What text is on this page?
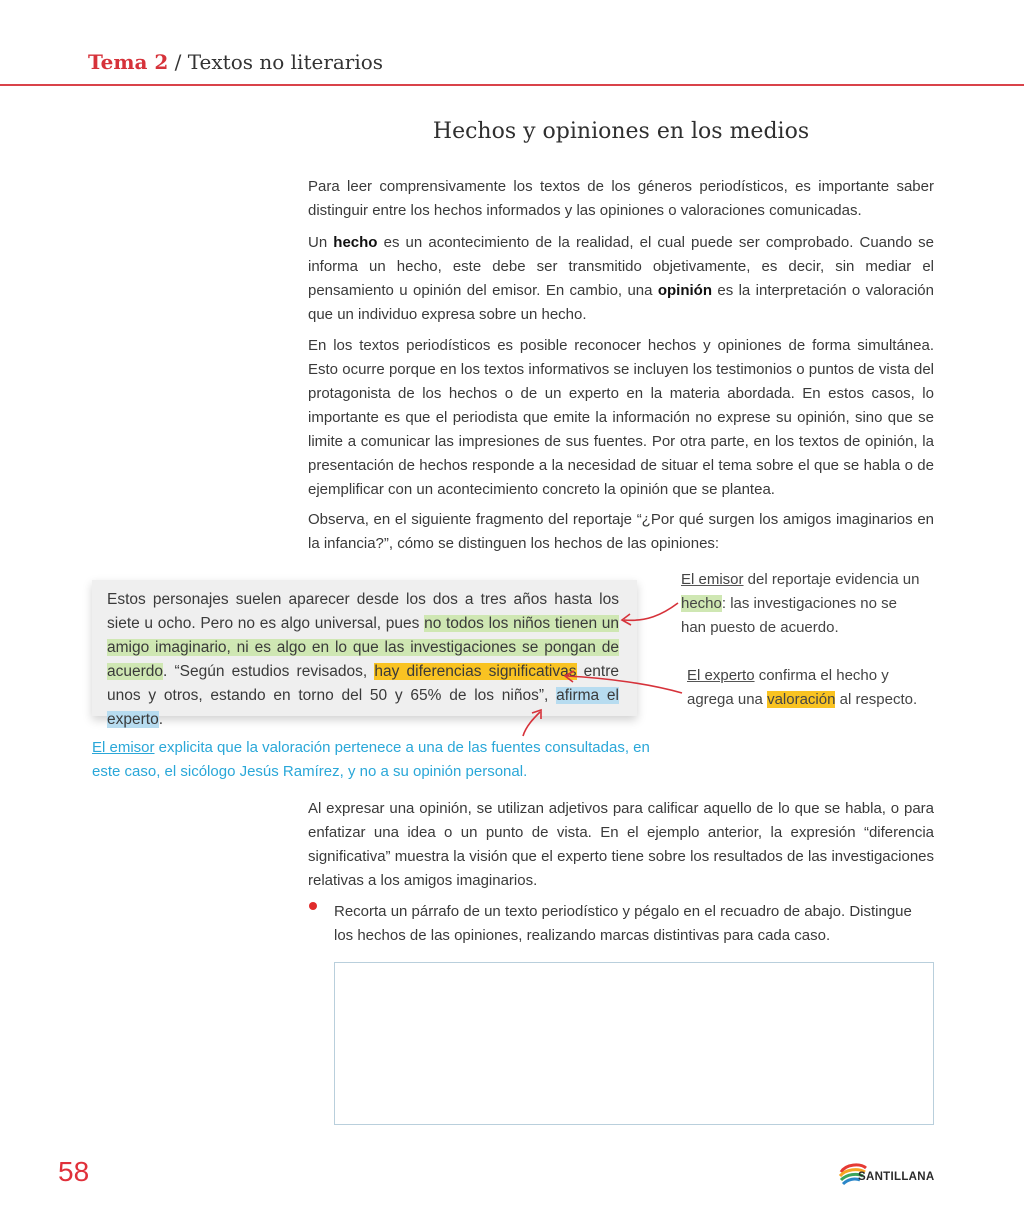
Tema 2 / Textos no literarios
Hechos y opiniones en los medios
Para leer comprensivamente los textos de los géneros periodísticos, es importante saber distinguir entre los hechos informados y las opiniones o valoraciones comunicadas.
Un hecho es un acontecimiento de la realidad, el cual puede ser comprobado. Cuando se informa un hecho, este debe ser transmitido objetivamente, es decir, sin mediar el pensamiento u opinión del emisor. En cambio, una opinión es la interpretación o valoración que un individuo expresa sobre un hecho.
En los textos periodísticos es posible reconocer hechos y opiniones de forma simultánea. Esto ocurre porque en los textos informativos se incluyen los testimonios o puntos de vista del protagonista de los hechos o de un experto en la materia abordada. En estos casos, lo importante es que el periodista que emite la información no exprese su opinión, sino que se limite a comunicar las impresiones de sus fuentes. Por otra parte, en los textos de opinión, la presentación de hechos responde a la necesidad de situar el tema sobre el que se habla o de ejemplificar con un acontecimiento concreto la opinión que se plantea.
Observa, en el siguiente fragmento del reportaje “¿Por qué surgen los amigos imaginarios en la infancia?”, cómo se distinguen los hechos de las opiniones:
Estos personajes suelen aparecer desde los dos a tres años hasta los siete u ocho. Pero no es algo universal, pues no todos los niños tienen un amigo imaginario, ni es algo en lo que las investigaciones se pongan de acuerdo. “Según estudios revisados, hay diferencias significativas entre unos y otros, estando en torno del 50 y 65% de los niños”, afirma el experto.
El emisor del reportaje evidencia un hecho: las investigaciones no se han puesto de acuerdo.
El experto confirma el hecho y agrega una valoración al respecto.
El emisor explicita que la valoración pertenece a una de las fuentes consultadas, en este caso, el sicólogo Jesús Ramírez, y no a su opinión personal.
Al expresar una opinión, se utilizan adjetivos para calificar aquello de lo que se habla, o para enfatizar una idea o un punto de vista. En el ejemplo anterior, la expresión “diferencia significativa” muestra la visión que el experto tiene sobre los resultados de las investigaciones relativas a los amigos imaginarios.
Recorta un párrafo de un texto periodístico y pégalo en el recuadro de abajo. Distingue los hechos de las opiniones, realizando marcas distintivas para cada caso.
58	SANTILLANA
